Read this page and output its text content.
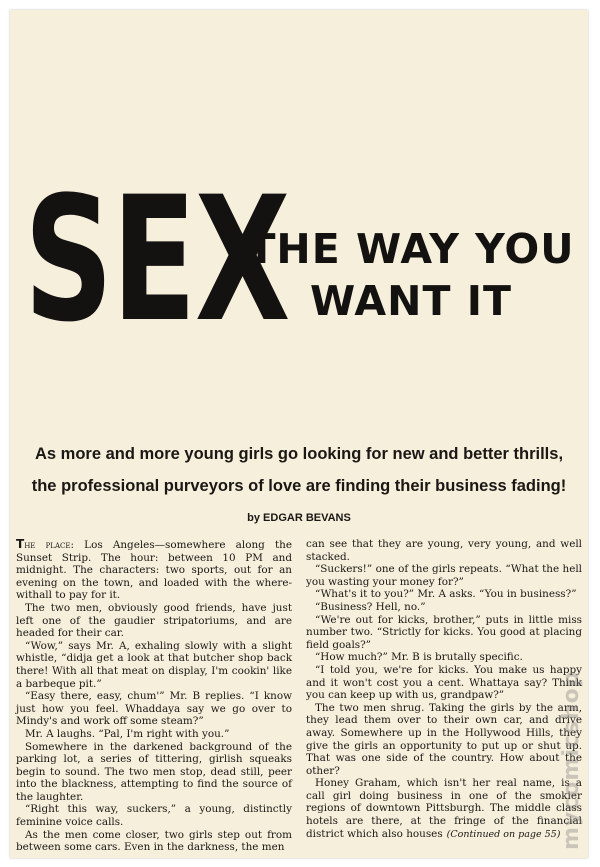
SEX
THE WAY YOU
WANT IT
As more and more young girls go looking for new and better thrills,
the professional purveyors of love are finding their business fading!
by EDGAR BEVANS

The place: Los Angeles—somewhere along the Sunset Strip. The hour: between 10 PM and midnight. The characters: two sports, out for an evening on the town, and loaded with the where-withall to pay for it.

The two men, obviously good friends, have just left one of the gaudier stripatoriums, and are headed for their car.

“Wow,” says Mr. A, exhaling slowly with a slight whistle, “didja get a look at that butcher shop back there! With all that meat on display, I'm cookin' like a barbeque pit.”

“Easy there, easy, chum'” Mr. B replies. “I know just how you feel. Whaddaya say we go over to Mindy's and work off some steam?”

Mr. A laughs. “Pal, I'm right with you.”

Somewhere in the darkened background of the parking lot, a series of tittering, girlish squeaks begin to sound. The two men stop, dead still, peer into the blackness, attempting to find the source of the laughter.

“Right this way, suckers,” a young, distinctly feminine voice calls.

As the men come closer, two girls step out from between some cars. Even in the darkness, the men

can see that they are young, very young, and well stacked.

“Suckers!” one of the girls repeats. “What the hell you wasting your money for?”

“What's it to you?” Mr. A asks. “You in business?”

“Business? Hell, no.”

“We're out for kicks, brother,” puts in little miss number two. “Strictly for kicks. You good at placing field goals?”

“How much?” Mr. B is brutally specific.

“I told you, we're for kicks. You make us happy and it won't cost you a cent. Whattaya say? Think you can keep up with us, grandpaw?”

The two men shrug. Taking the girls by the arm, they lead them over to their own car, and drive away. Somewhere up in the Hollywood Hills, they give the girls an opportunity to put up or shut up. That was one side of the country. How about the other?

Honey Graham, which isn't her real name, is a call girl doing business in one of the smokier regions of downtown Pittsburgh. The middle class hotels are there, at the fringe of the financial district which also houses (Continued on page 55)

mycomicshop
